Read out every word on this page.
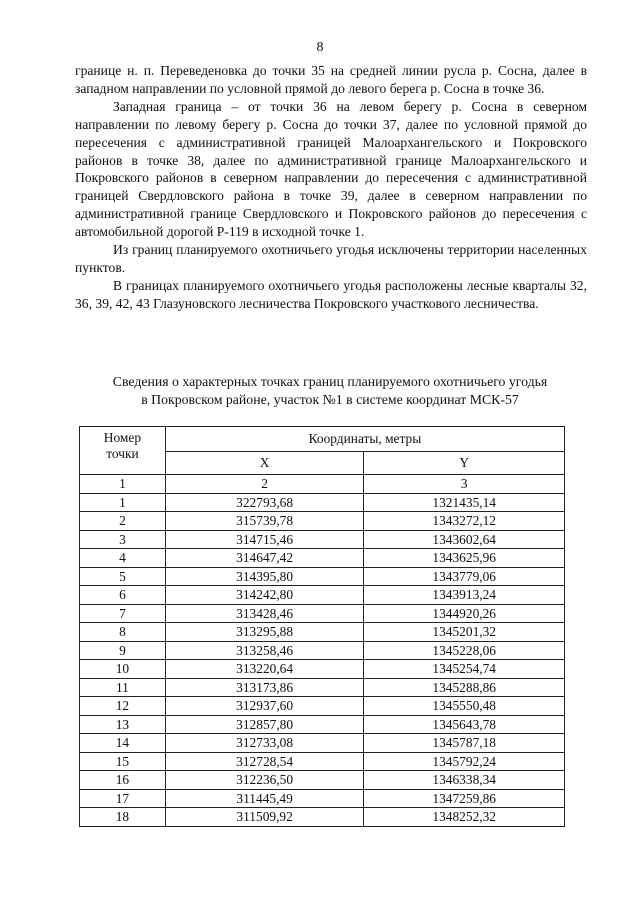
8

границе н. п. Переведеновка до точки 35 на средней линии русла р. Сосна, далее в западном направлении по условной прямой до левого берега р. Сосна в точке 36.

Западная граница – от точки 36 на левом берегу р. Сосна в северном направлении по левому берегу р. Сосна до точки 37, далее по условной прямой до пересечения с административной границей Малоархангельского и Покровского районов в точке 38, далее по административной границе Малоархангельского и Покровского районов в северном направлении до пересечения с административной границей Свердловского района в точке 39, далее в северном направлении по административной границе Свердловского и Покровского районов до пересечения с автомобильной дорогой Р-119 в исходной точке 1.

Из границ планируемого охотничьего угодья исключены территории населенных пунктов.

В границах планируемого охотничьего угодья расположены лесные кварталы 32, 36, 39, 42, 43 Глазуновского лесничества Покровского участкового лесничества.

Сведения о характерных точках границ планируемого охотничьего угодья
в Покровском районе, участок №1 в системе координат МСК-57
Номер
точки	Координаты, метры	
	X	Y
1	2	3
1	322793,68	1321435,14
2	315739,78	1343272,12
3	314715,46	1343602,64
4	314647,42	1343625,96
5	314395,80	1343779,06
6	314242,80	1343913,24
7	313428,46	1344920,26
8	313295,88	1345201,32
9	313258,46	1345228,06
10	313220,64	1345254,74
11	313173,86	1345288,86
12	312937,60	1345550,48
13	312857,80	1345643,78
14	312733,08	1345787,18
15	312728,54	1345792,24
16	312236,50	1346338,34
17	311445,49	1347259,86
18	311509,92	1348252,32
